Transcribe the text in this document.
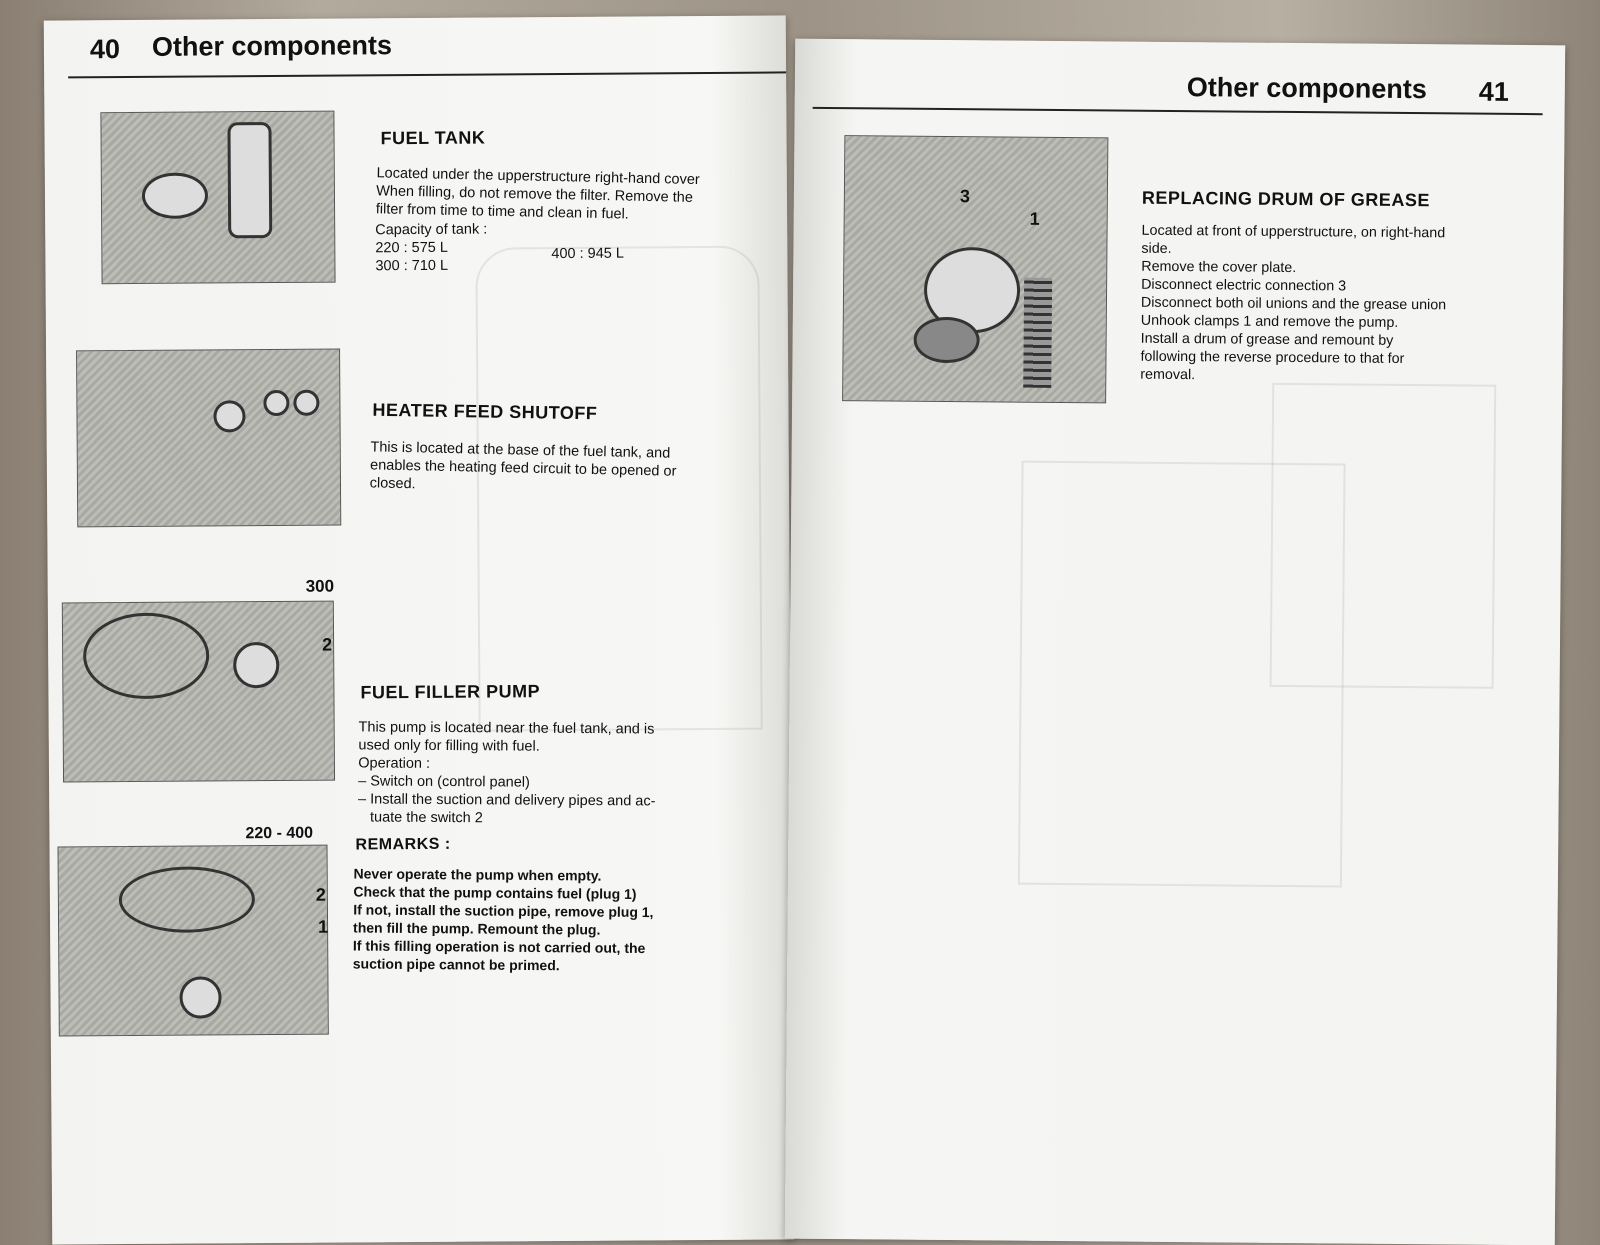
40 Other components
FUEL TANK
Located under the upperstructure right-hand cover
When filling, do not remove the filter. Remove the
filter from time to time and clean in fuel.
Capacity of tank :
220 : 575 L
300 : 710 L
400 : 945 L
HEATER FEED SHUTOFF
This is located at the base of the fuel tank, and
enables the heating feed circuit to be opened or
closed.
300
2
FUEL FILLER PUMP
This pump is located near the fuel tank, and is
used only for filling with fuel.
Operation :
– Switch on (control panel)
– Install the suction and delivery pipes and ac-
tuate the switch 2
220 - 400
REMARKS :
Never operate the pump when empty.
Check that the pump contains fuel (plug 1)
If not, install the suction pipe, remove plug 1,
then fill the pump. Remount the plug.
If this filling operation is not carried out, the
suction pipe cannot be primed.
2
1
Other components 41
3
1
REPLACING DRUM OF GREASE
Located at front of upperstructure, on right-hand
side.
Remove the cover plate.
Disconnect electric connection 3
Disconnect both oil unions and the grease union
Unhook clamps 1 and remove the pump.
Install a drum of grease and remount by
following the reverse procedure to that for
removal.
